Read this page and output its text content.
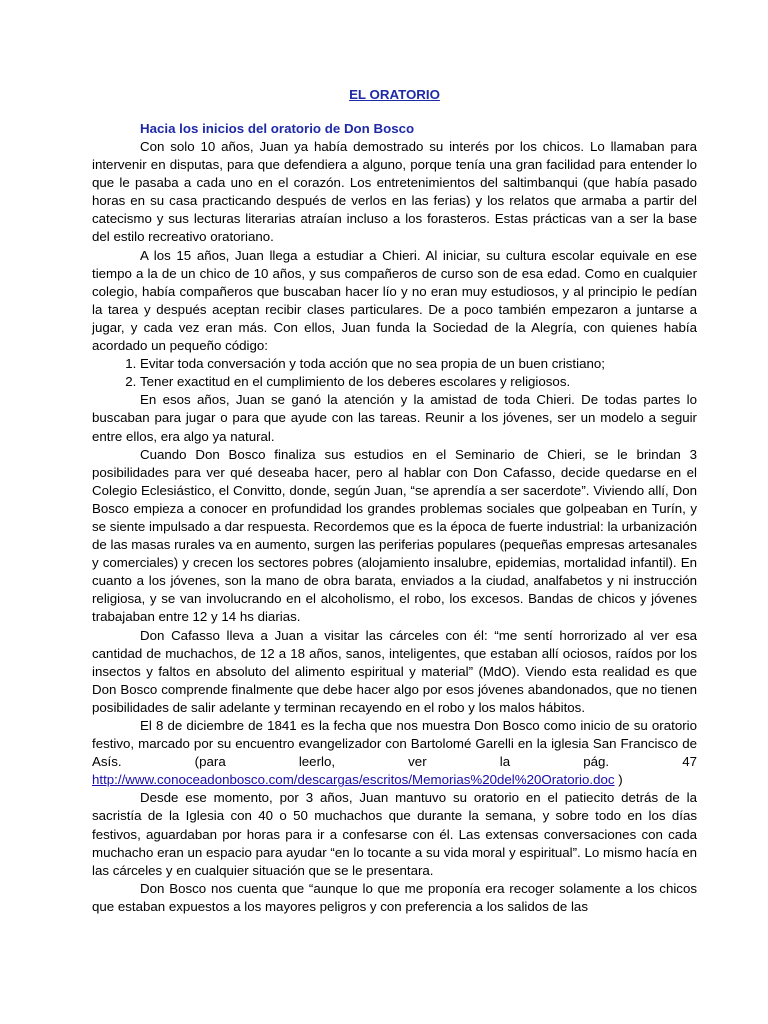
EL ORATORIO
Hacia los inicios del oratorio de Don Bosco

Con solo 10 años, Juan ya había demostrado su interés por los chicos. Lo llamaban para intervenir en disputas, para que defendiera a alguno, porque tenía una gran facilidad para entender lo que le pasaba a cada uno en el corazón. Los entretenimientos del saltimbanqui (que había pasado horas en su casa practicando después de verlos en las ferias) y los relatos que armaba a partir del catecismo y sus lecturas literarias atraían incluso a los forasteros. Estas prácticas van a ser la base del estilo recreativo oratoriano.

A los 15 años, Juan llega a estudiar a Chieri. Al iniciar, su cultura escolar equivale en ese tiempo a la de un chico de 10 años, y sus compañeros de curso son de esa edad. Como en cualquier colegio, había compañeros que buscaban hacer lío y no eran muy estudiosos, y al principio le pedían la tarea y después aceptan recibir clases particulares. De a poco también empezaron a juntarse a jugar, y cada vez eran más. Con ellos, Juan funda la Sociedad de la Alegría, con quienes había acordado un pequeño código:

1. Evitar toda conversación y toda acción que no sea propia de un buen cristiano;
2. Tener exactitud en el cumplimiento de los deberes escolares y religiosos.

En esos años, Juan se ganó la atención y la amistad de toda Chieri. De todas partes lo buscaban para jugar o para que ayude con las tareas. Reunir a los jóvenes, ser un modelo a seguir entre ellos, era algo ya natural.

Cuando Don Bosco finaliza sus estudios en el Seminario de Chieri, se le brindan 3 posibilidades para ver qué deseaba hacer, pero al hablar con Don Cafasso, decide quedarse en el Colegio Eclesiástico, el Convitto, donde, según Juan, “se aprendía a ser sacerdote”. Viviendo allí, Don Bosco empieza a conocer en profundidad los grandes problemas sociales que golpeaban en Turín, y se siente impulsado a dar respuesta. Recordemos que es la época de fuerte industrial: la urbanización de las masas rurales va en aumento, surgen las periferias populares (pequeñas empresas artesanales y comerciales) y crecen los sectores pobres (alojamiento insalubre, epidemias, mortalidad infantil). En cuanto a los jóvenes, son la mano de obra barata, enviados a la ciudad, analfabetos y ni instrucción religiosa, y se van involucrando en el alcoholismo, el robo, los excesos. Bandas de chicos y jóvenes trabajaban entre 12 y 14 hs diarias.

Don Cafasso lleva a Juan a visitar las cárceles con él: “me sentí horrorizado al ver esa cantidad de muchachos, de 12 a 18 años, sanos, inteligentes, que estaban allí ociosos, raídos por los insectos y faltos en absoluto del alimento espiritual y material” (MdO). Viendo esta realidad es que Don Bosco comprende finalmente que debe hacer algo por esos jóvenes abandonados, que no tienen posibilidades de salir adelante y terminan recayendo en el robo y los malos hábitos.

El 8 de diciembre de 1841 es la fecha que nos muestra Don Bosco como inicio de su oratorio festivo, marcado por su encuentro evangelizador con Bartolomé Garelli en la iglesia San Francisco de Asís. (para leerlo, ver la pág. 47 http://www.conoceadonbosco.com/descargas/escritos/Memorias%20del%20Oratorio.doc )

Desde ese momento, por 3 años, Juan mantuvo su oratorio en el patiecito detrás de la sacristía de la Iglesia con 40 o 50 muchachos que durante la semana, y sobre todo en los días festivos, aguardaban por horas para ir a confesarse con él. Las extensas conversaciones con cada muchacho eran un espacio para ayudar “en lo tocante a su vida moral y espiritual”. Lo mismo hacía en las cárceles y en cualquier situación que se le presentara.

Don Bosco nos cuenta que “aunque lo que me proponía era recoger solamente a los chicos que estaban expuestos a los mayores peligros y con preferencia a los salidos de las
